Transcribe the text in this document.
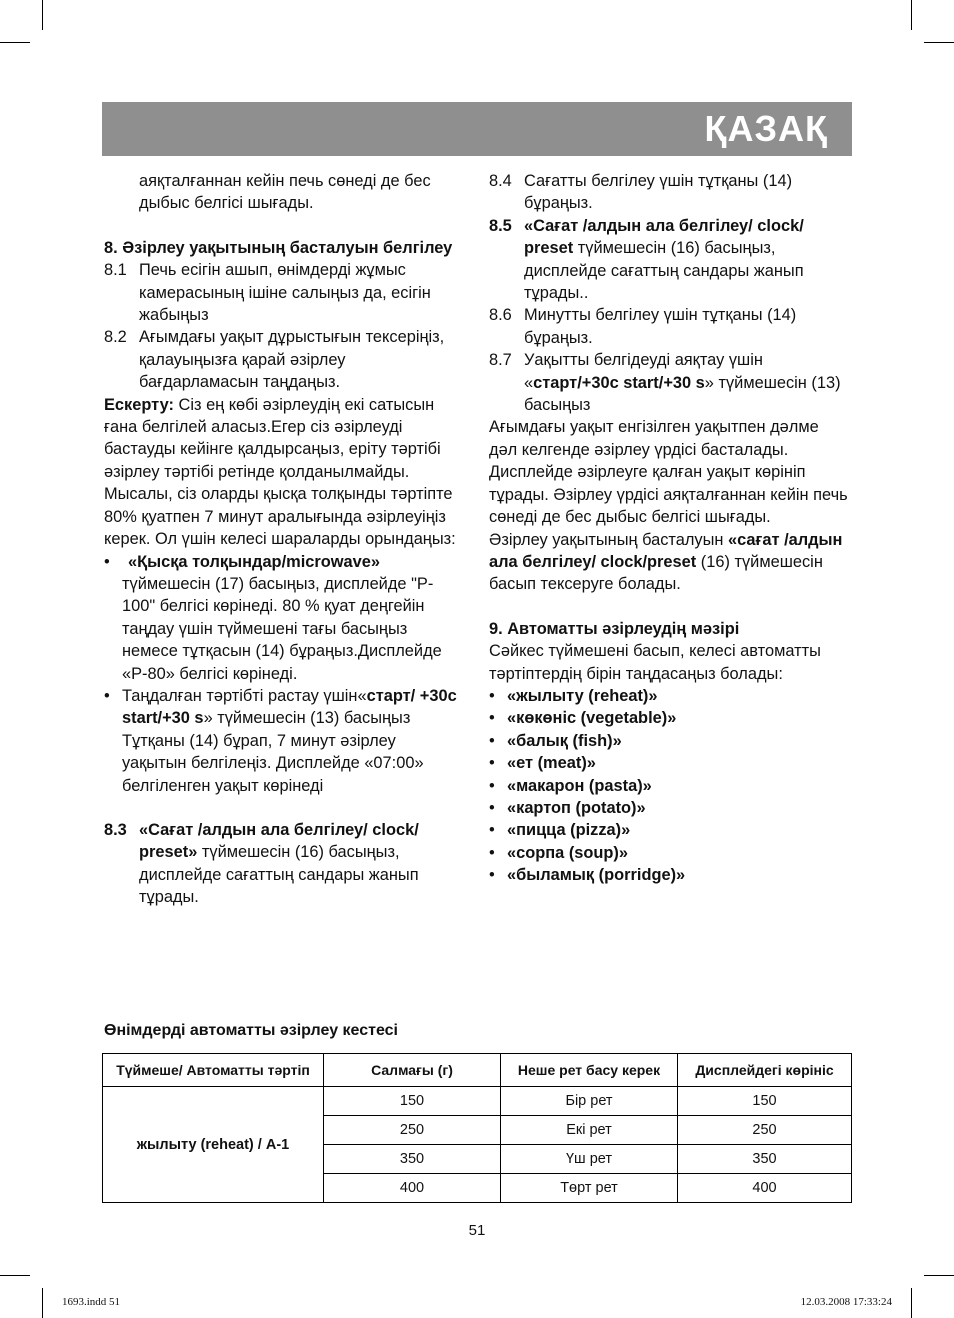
ҚАЗАҚ

аяқталғаннан кейін печь сөнеді де бес дыбыс белгісі шығады.

8. Әзірлеу уақытының басталуын белгілеу

8.1 Печь есігін ашып, өнімдерді жұмыс камерасының ішіне салыңыз да, есігін жабыңыз
8.2 Ағымдағы уақыт дұрыстығын тексеріңіз, қалауыңызға қарай әзірлеу бағдарламасын таңдаңыз.

Ескерту: Сіз ең көбі әзірлеудің екі сатысын ғана белгілей аласыз.Егер сіз әзірлеуді бастауды кейінге қалдырсаңыз, еріту тәртібі әзірлеу тәртібі ретінде қолданылмайды.

Мысалы, сіз оларды қысқа толқынды тәртіпте 80% қуатпен 7 минут аралығында әзірлеуіңіз керек. Ол үшін келесі шараларды орындаңыз:

•	«Қысқа толқындар/microwave»
түймешесін (17) басыңыз, дисплейде "P-100" белгісі көрінеді. 80 % қуат деңгейін таңдау үшін түймешені тағы басыңыз немесе тұтқасын (14) бұраңыз.Дисплейде «P-80» белгісі көрінеді.
• Таңдалған тәртібті растау үшін«старт/ +30с start/+30 s» түймешесін (13) басыңыз Тұтқаны (14) бұрап, 7 минут әзірлеу уақытын белгілеңіз. Дисплейде «07:00» белгіленген уақыт көрінеді
8.3 «Сағат /алдын ала белгілеу/ clock/ preset» түймешесін (16) басыңыз, дисплейде сағаттың сандары жанып тұрады.
8.4 Сағатты белгілеу үшін тұтқаны (14) бұраңыз.
8.5 «Сағат /алдын ала белгілеу/ clock/ preset түймешесін (16) басыңыз, дисплейде сағаттың сандары жанып тұрады..
8.6 Минутты белгілеу үшін тұтқаны (14) бұраңыз.
8.7 Уақытты белгідеуді аяқтау үшін «старт/+30с start/+30 s» түймешесін (13) басыңыз

Ағымдағы уақыт енгізілген уақытпен дәлме дәл келгенде әзірлеу үрдісі басталады. Дисплейде әзірлеуге қалған уақыт көрініп тұрады. Әзірлеу үрдісі аяқталғаннан кейін печь сөнеді де бес дыбыс белгісі шығады.

Әзірлеу уақытының басталуын «сағат /алдын ала белгілеу/ clock/preset (16) түймешесін басып тексеруге болады.

9. Автоматты әзірлеудің мәзірі

Сәйкес түймешені басып, келесі автоматты тәртіптердің бірін таңдасаңыз болады:

• «жылыту (reheat)»
• «көкөніс (vegetable)»
• «балық (fish)»
• «ет (meat)»
• «макарон (pasta)»
• «картоп (potato)»
• «пицца (pizza)»
• «сорпа (soup)»
• «быламық (porridge)»
Өнімдерді автоматты әзірлеу кестесі
Түймеше/ Автоматты тәртіп	Салмағы (г)	Неше рет басу керек	Дисплейдегі көрініс
жылыту (reheat) / A-1	150	Бір рет	150
	250	Екі рет	250
	350	Үш рет	350
	400	Төрт рет	400
51
1693.indd 51	12.03.2008 17:33:24
